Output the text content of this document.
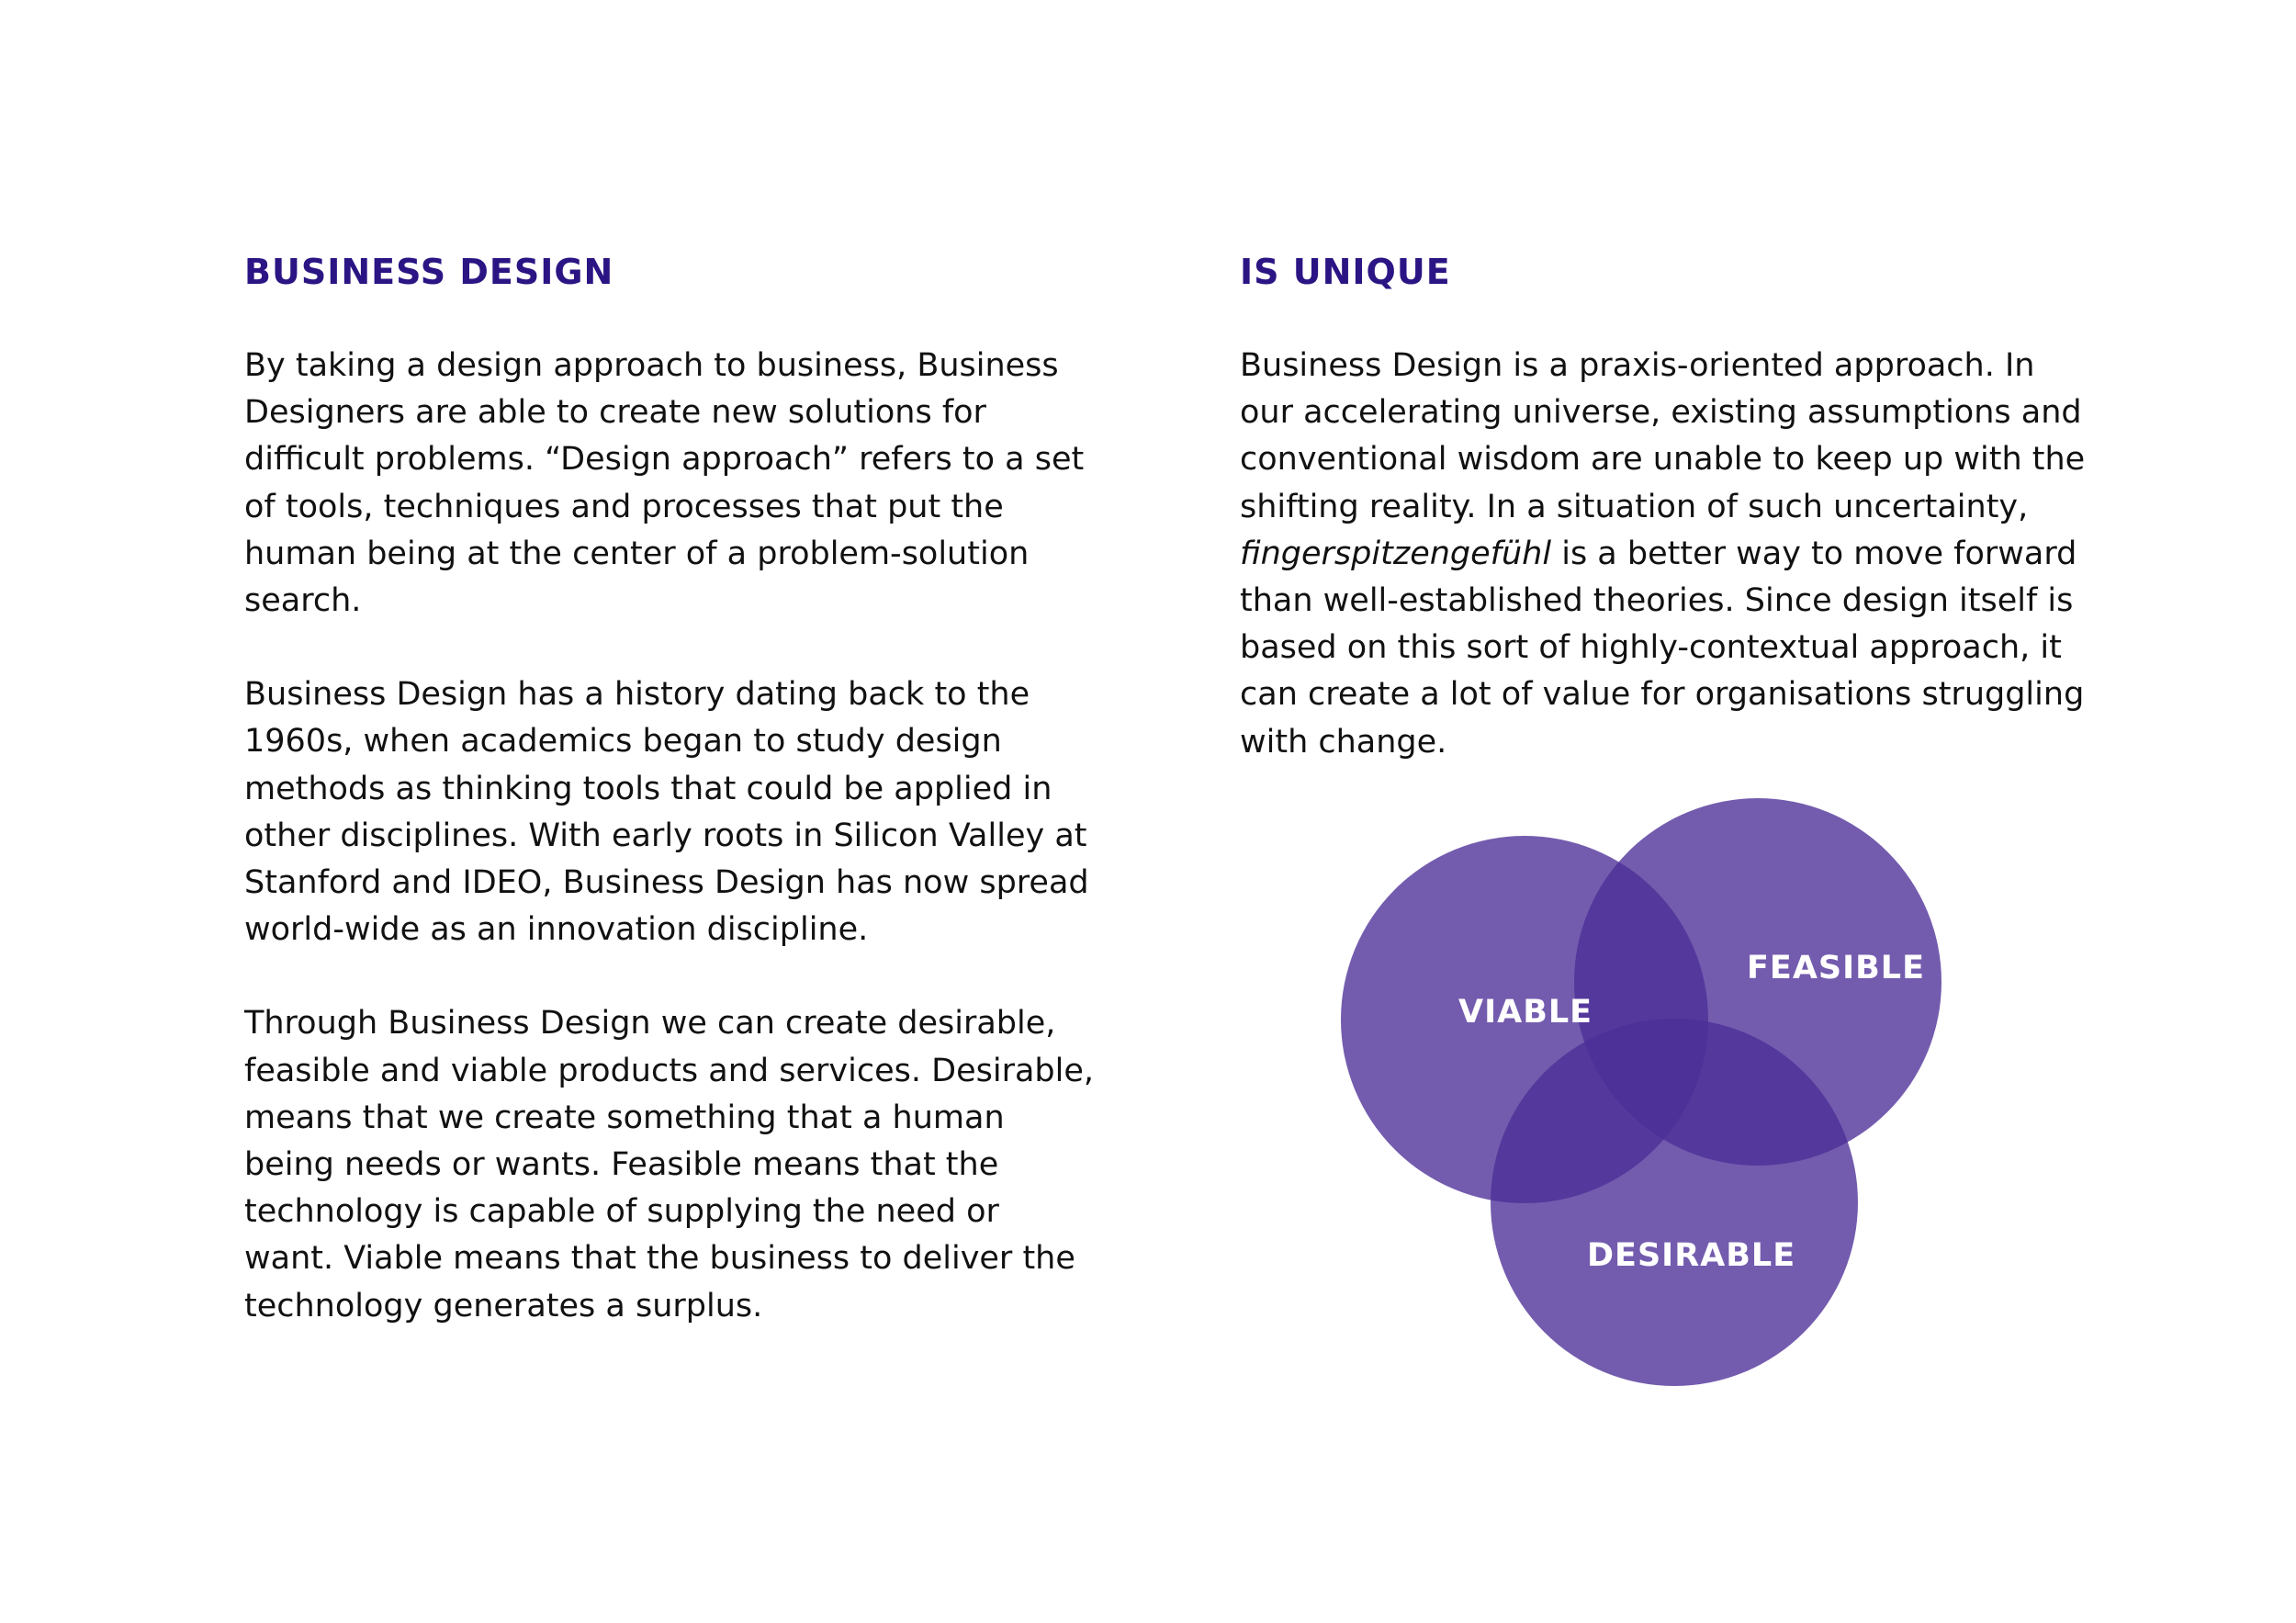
BUSINESS DESIGN

By taking a design approach to business, Business Designers are able to create new solutions for difficult problems. “Design approach” refers to a set of tools, techniques and processes that put the human being at the center of a problem-solution search.

Business Design has a history dating back to the 1960s, when academics began to study design methods as thinking tools that could be applied in other disciplines. With early roots in Silicon Valley at Stanford and IDEO, Business Design has now spread world-wide as an innovation discipline.

Through Business Design we can create desirable, feasible and viable products and services. Desirable, means that we create something that a human being needs or wants. Feasible means that the technology is capable of supplying the need or want. Viable means that the business to deliver the technology generates a surplus.

IS UNIQUE

Business Design is a praxis-oriented approach. In our accelerating universe, existing assumptions and conventional wisdom are unable to keep up with the shifting reality. In a situation of such uncertainty, fingerspitzengefühl is a better way to move forward than well-established theories. Since design itself is based on this sort of highly-contextual approach, it can create a lot of value for organisations struggling with change.

VIABLE
FEASIBLE
DESIRABLE
